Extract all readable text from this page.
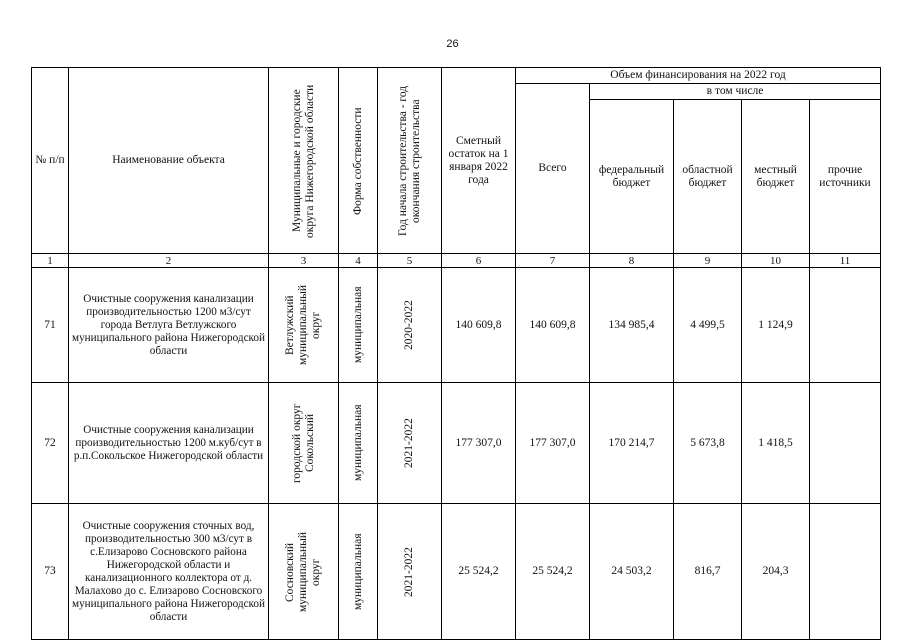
26
№ п/п	Наименование объекта	Муниципальные и городские округа Нижегородской области	Форма собственности	Год начала строительства - год окончания строительства	Сметный остаток на 1 января 2022 года	Объем финансирования на 2022 год				
						Всего	в том числе			
							федеральный бюджет	областной бюджет	местный бюджет	прочие источники
1	2	3	4	5	6	7	8	9	10	11
71	Очистные сооружения канализации производительностью 1200 м3/сут города Ветлуга Ветлужского муниципального района Нижегородской области	Ветлужский муниципальный округ	муниципальная	2020-2022	140 609,8	140 609,8	134 985,4	4 499,5	1 124,9	
72	Очистные сооружения канализации производительностью 1200 м.куб/сут в р.п.Сокольское Нижегородской области	городской округ Сокольский	муниципальная	2021-2022	177 307,0	177 307,0	170 214,7	5 673,8	1 418,5	
73	Очистные сооружения сточных вод, производительностью 300 м3/сут в с.Елизарово Сосновского района Нижегородской области и канализационного коллектора от д. Малахово до с. Елизарово Сосновского муниципального района Нижегородской области	Сосновский муниципальный округ	муниципальная	2021-2022	25 524,2	25 524,2	24 503,2	816,7	204,3	
